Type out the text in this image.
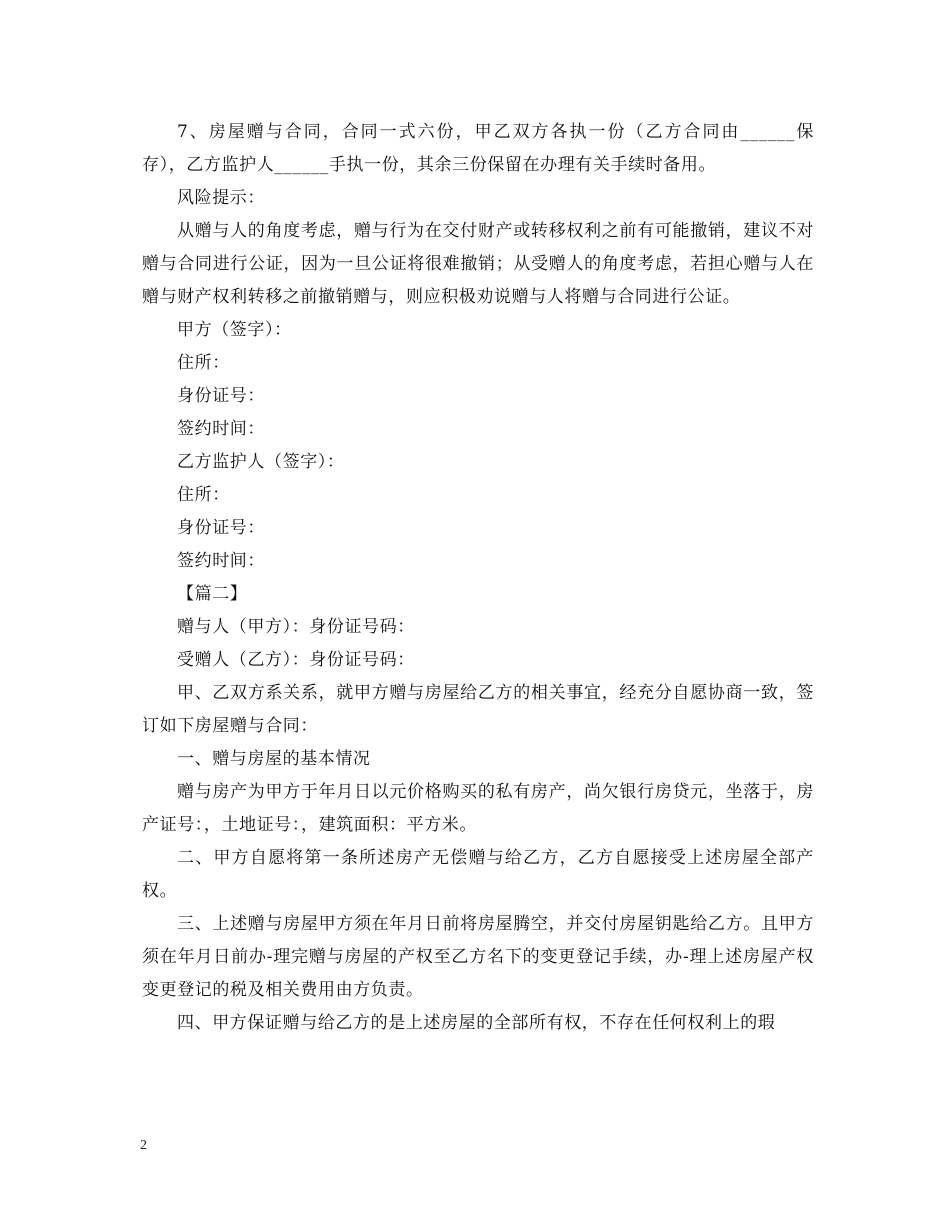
7、房屋赠与合同，合同一式六份，甲乙双方各执一份（乙方合同由______保存），乙方监护人______手执一份，其余三份保留在办理有关手续时备用。

风险提示：

从赠与人的角度考虑，赠与行为在交付财产或转移权利之前有可能撤销，建议不对赠与合同进行公证，因为一旦公证将很难撤销；从受赠人的角度考虑，若担心赠与人在赠与财产权利转移之前撤销赠与，则应积极劝说赠与人将赠与合同进行公证。

甲方（签字）：

住所：

身份证号：

签约时间：

乙方监护人（签字）：

住所：

身份证号：

签约时间：

【篇二】

赠与人（甲方）：身份证号码：

受赠人（乙方）：身份证号码：

甲、乙双方系关系，就甲方赠与房屋给乙方的相关事宜，经充分自愿协商一致，签订如下房屋赠与合同：

一、赠与房屋的基本情况

赠与房产为甲方于年月日以元价格购买的私有房产，尚欠银行房贷元，坐落于，房产证号：，土地证号：，建筑面积：平方米。

二、甲方自愿将第一条所述房产无偿赠与给乙方，乙方自愿接受上述房屋全部产权。

三、上述赠与房屋甲方须在年月日前将房屋腾空，并交付房屋钥匙给乙方。且甲方须在年月日前办-理完赠与房屋的产权至乙方名下的变更登记手续，办-理上述房屋产权变更登记的税及相关费用由方负责。

四、甲方保证赠与给乙方的是上述房屋的全部所有权，不存在任何权利上的瑕

2
